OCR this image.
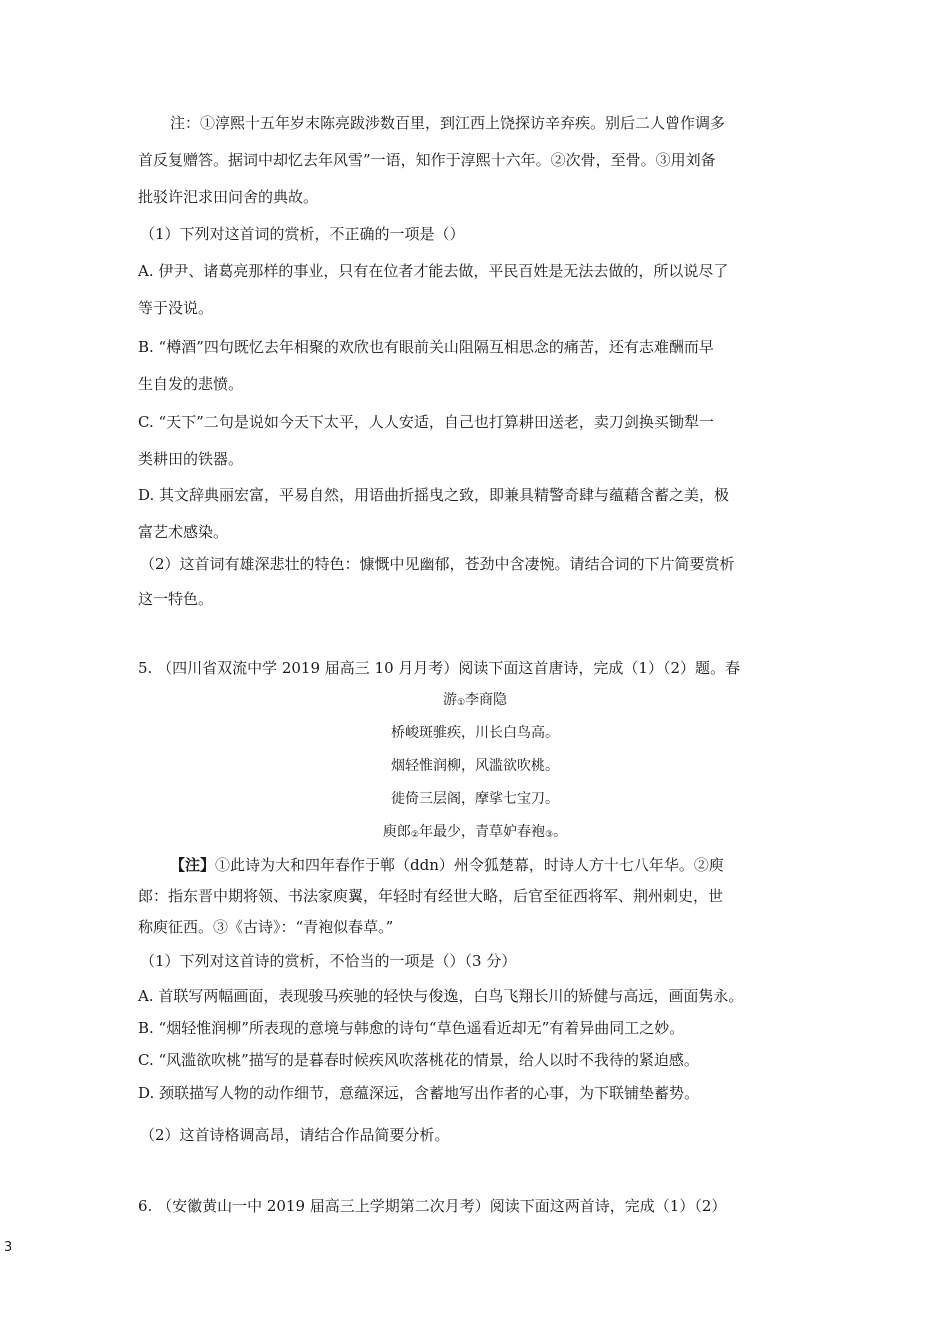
注：①淳熙十五年岁末陈亮跋涉数百里，到江西上饶探访辛弃疾。别后二人曾作调多
首反复赠答。据词中却忆去年风雪”一语，知作于淳熙十六年。②次骨，至骨。③用刘备
批驳许汜求田问舍的典故。
（1）下列对这首词的赏析，不正确的一项是（）
A. 伊尹、诸葛亮那样的事业，只有在位者才能去做，平民百姓是无法去做的，所以说尽了
等于没说。
B. “樽酒”四句既忆去年相聚的欢欣也有眼前关山阻隔互相思念的痛苦，还有志难酬而早
生自发的悲愤。
C. “天下”二句是说如今天下太平，人人安适，自己也打算耕田送老，卖刀剑换买锄犁一
类耕田的铁器。
D. 其文辞典丽宏富，平易自然，用语曲折摇曳之致，即兼具精警奇肆与蕴藉含蓄之美，极
富艺术感染。
（2）这首词有雄深悲壮的特色：慷慨中见幽郁，苍劲中含凄惋。请结合词的下片简要赏析
这一特色。
5. （四川省双流中学 2019 届高三 10 月月考）阅读下面这首唐诗，完成（1）（2）题。春
游①李商隐
桥峻斑骓疾，川长白鸟高。
烟轻惟润柳，风滥欲吹桃。
徙倚三层阁，摩挲七宝刀。
庾郎②年最少，青草妒春袍③。
【注】①此诗为大和四年春作于郸（ddn）州令狐楚幕，时诗人方十七八年华。②庾
郎：指东晋中期将领、书法家庾翼，年轻时有经世大略，后官至征西将军、荆州刺史，世
称庾征西。③《古诗》：“青袍似春草。”
（1）下列对这首诗的赏析，不恰当的一项是（）（3 分）
A. 首联写两幅画面，表现骏马疾驰的轻快与俊逸，白鸟飞翔长川的矫健与高远，画面隽永。
B. “烟轻惟润柳”所表现的意境与韩愈的诗句“草色遥看近却无”有着异曲同工之妙。
C. “风滥欲吹桃”描写的是暮春时候疾风吹落桃花的情景，给人以时不我待的紧迫感。
D. 颈联描写人物的动作细节，意蕴深远，含蓄地写出作者的心事，为下联铺垫蓄势。
（2）这首诗格调高昂，请结合作品简要分析。
6. （安徽黄山一中 2019 届高三上学期第二次月考）阅读下面这两首诗，完成（1）（2）
3
